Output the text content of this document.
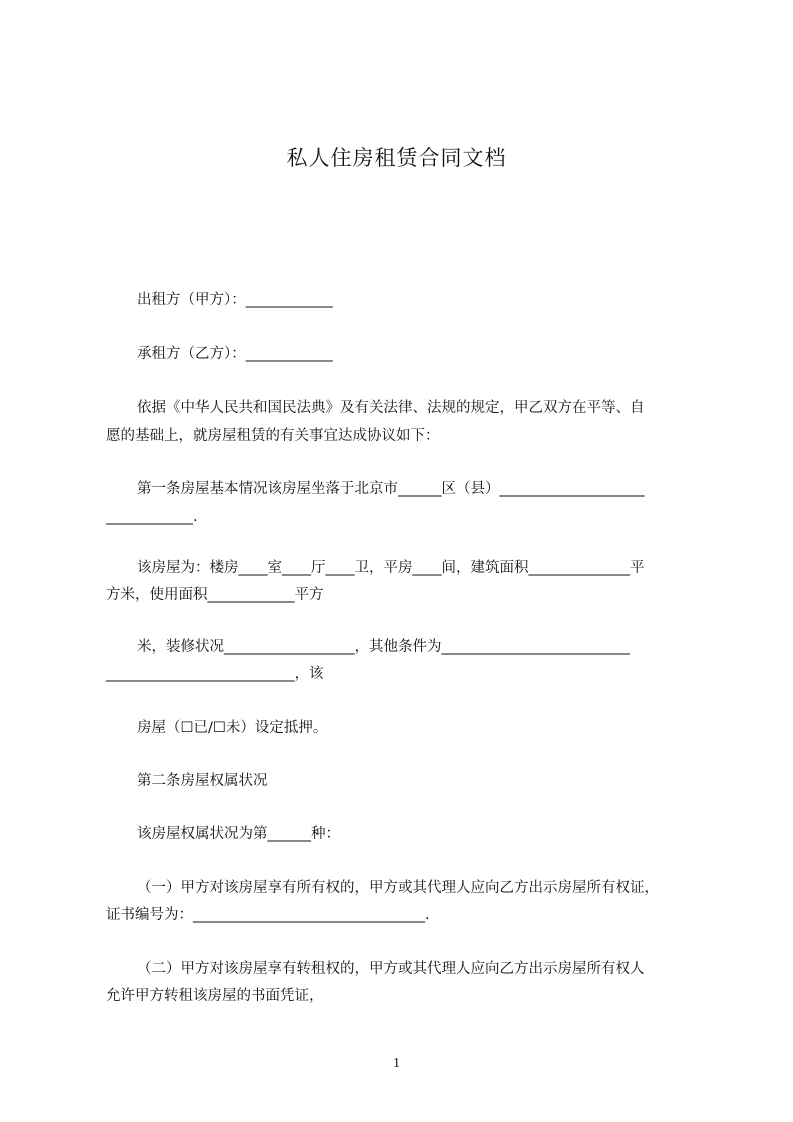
私人住房租赁合同文档
出租方（甲方）：____________
承租方（乙方）：____________
依据《中华人民共和国民法典》及有关法律、法规的规定，甲乙双方在平等、自
愿的基础上，就房屋租赁的有关事宜达成协议如下：
第一条房屋基本情况该房屋坐落于北京市______区（县）____________________
____________.
该房屋为：楼房____室____厅____卫，平房____间，建筑面积______________平
方米，使用面积____________平方
米，装修状况__________________，其他条件为__________________________
__________________________，该
房屋（☐已/☐未）设定抵押。
第二条房屋权属状况
该房屋权属状况为第______种：
（一）甲方对该房屋享有所有权的，甲方或其代理人应向乙方出示房屋所有权证，
证书编号为：________________________________.
（二）甲方对该房屋享有转租权的，甲方或其代理人应向乙方出示房屋所有权人
允许甲方转租该房屋的书面凭证，
1
